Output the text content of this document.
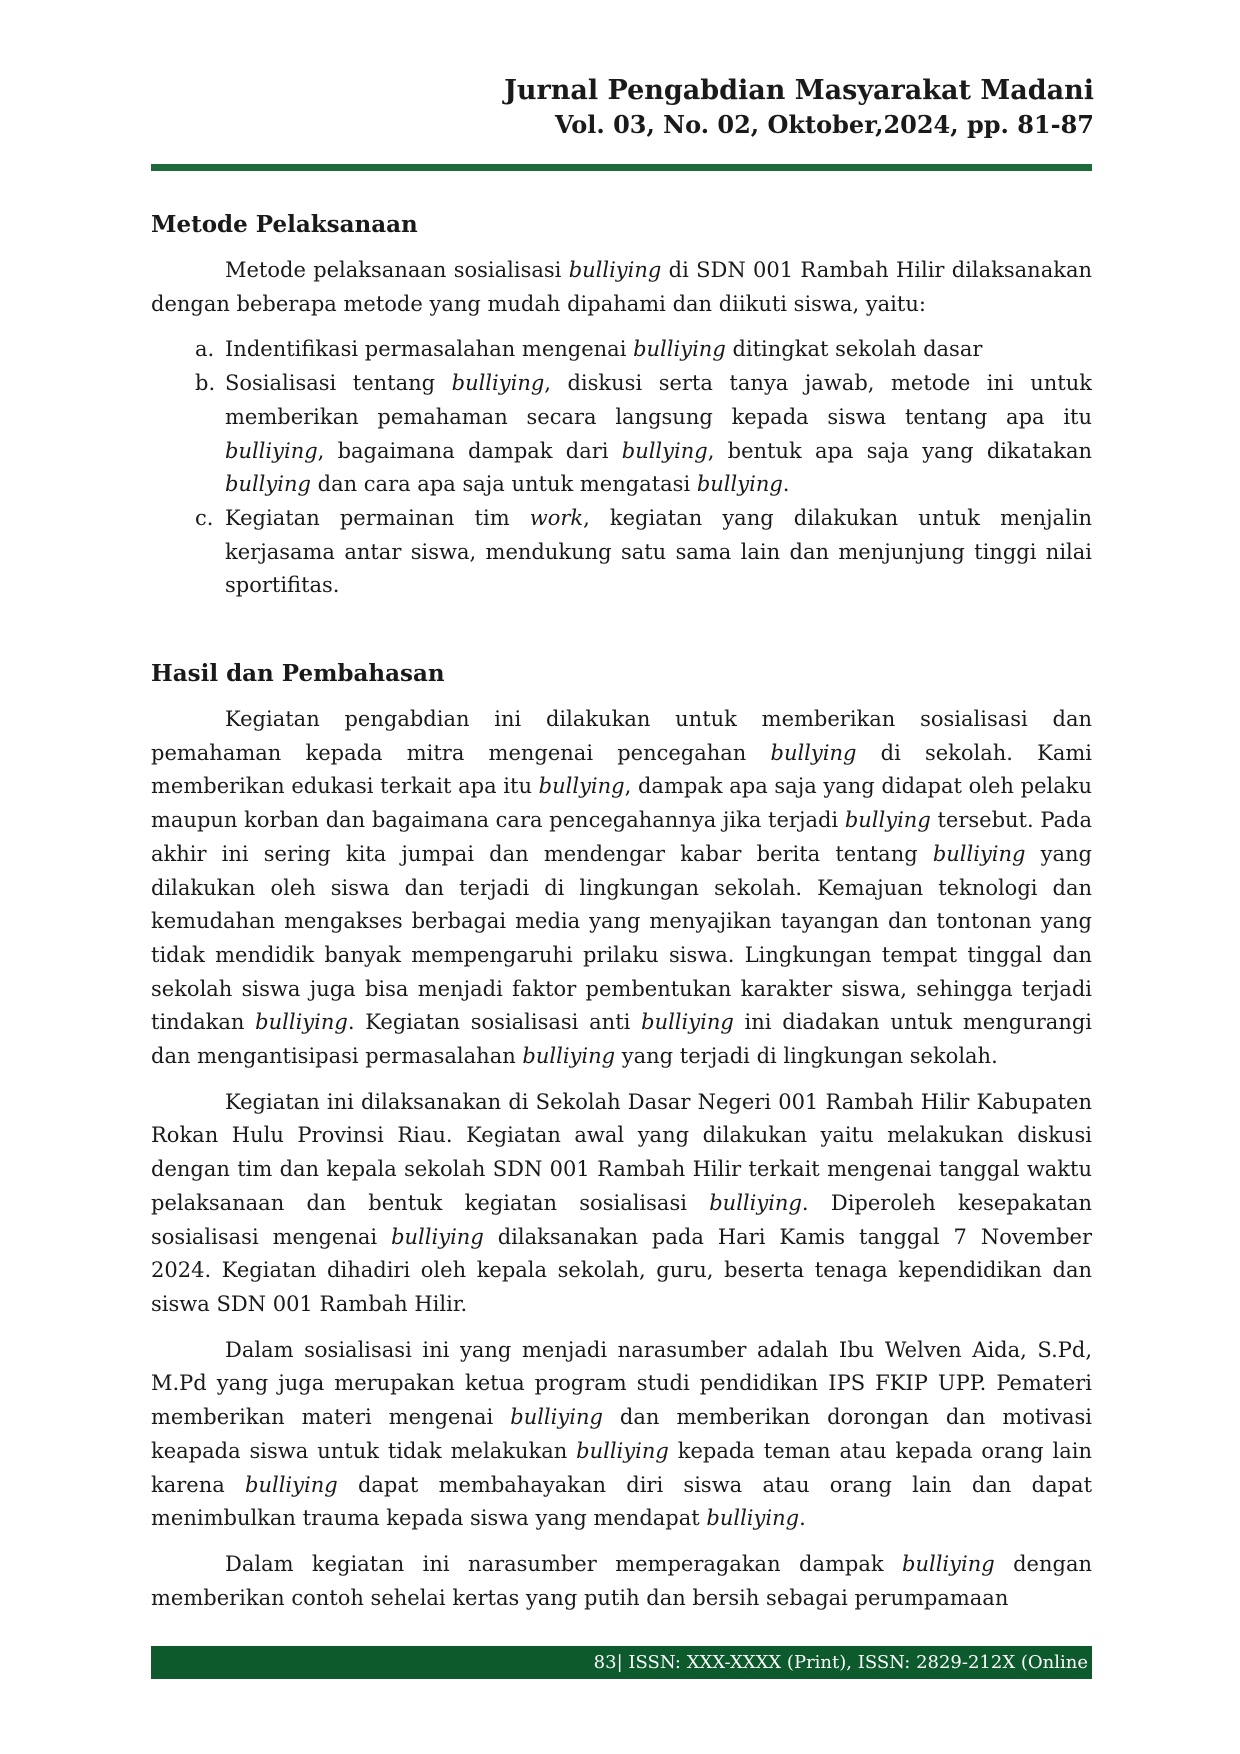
Jurnal Pengabdian Masyarakat Madani
Vol. 03, No. 02, Oktober,2024, pp. 81-87
Metode Pelaksanaan

Metode pelaksanaan sosialisasi bulliying di SDN 001 Rambah Hilir dilaksanakan dengan beberapa metode yang mudah dipahami dan diikuti siswa, yaitu:

a. Indentifikasi permasalahan mengenai bulliying ditingkat sekolah dasar
b. Sosialisasi tentang bulliying, diskusi serta tanya jawab, metode ini untuk memberikan pemahaman secara langsung kepada siswa tentang apa itu bulliying, bagaimana dampak dari bullying, bentuk apa saja yang dikatakan bullying dan cara apa saja untuk mengatasi bullying.
c. Kegiatan permainan tim work, kegiatan yang dilakukan untuk menjalin kerjasama antar siswa, mendukung satu sama lain dan menjunjung tinggi nilai sportifitas.
Hasil dan Pembahasan

Kegiatan pengabdian ini dilakukan untuk memberikan sosialisasi dan pemahaman kepada mitra mengenai pencegahan bullying di sekolah. Kami memberikan edukasi terkait apa itu bullying, dampak apa saja yang didapat oleh pelaku maupun korban dan bagaimana cara pencegahannya jika terjadi bullying tersebut. Pada akhir ini sering kita jumpai dan mendengar kabar berita tentang bulliying yang dilakukan oleh siswa dan terjadi di lingkungan sekolah. Kemajuan teknologi dan kemudahan mengakses berbagai media yang menyajikan tayangan dan tontonan yang tidak mendidik banyak mempengaruhi prilaku siswa. Lingkungan tempat tinggal dan sekolah siswa juga bisa menjadi faktor pembentukan karakter siswa, sehingga terjadi tindakan bulliying. Kegiatan sosialisasi anti bulliying ini diadakan untuk mengurangi dan mengantisipasi permasalahan bulliying yang terjadi di lingkungan sekolah.

Kegiatan ini dilaksanakan di Sekolah Dasar Negeri 001 Rambah Hilir Kabupaten Rokan Hulu Provinsi Riau. Kegiatan awal yang dilakukan yaitu melakukan diskusi dengan tim dan kepala sekolah SDN 001 Rambah Hilir terkait mengenai tanggal waktu pelaksanaan dan bentuk kegiatan sosialisasi bulliying. Diperoleh kesepakatan sosialisasi mengenai bulliying dilaksanakan pada Hari Kamis tanggal 7 November 2024. Kegiatan dihadiri oleh kepala sekolah, guru, beserta tenaga kependidikan dan siswa SDN 001 Rambah Hilir.

Dalam sosialisasi ini yang menjadi narasumber adalah Ibu Welven Aida, S.Pd, M.Pd yang juga merupakan ketua program studi pendidikan IPS FKIP UPP. Pemateri memberikan materi mengenai bulliying dan memberikan dorongan dan motivasi keapada siswa untuk tidak melakukan bulliying kepada teman atau kepada orang lain karena bulliying dapat membahayakan diri siswa atau orang lain dan dapat menimbulkan trauma kepada siswa yang mendapat bulliying.

Dalam kegiatan ini narasumber memperagakan dampak bulliying dengan memberikan contoh sehelai kertas yang putih dan bersih sebagai perumpamaan

83| ISSN: XXX-XXXX (Print), ISSN: 2829-212X (Online
